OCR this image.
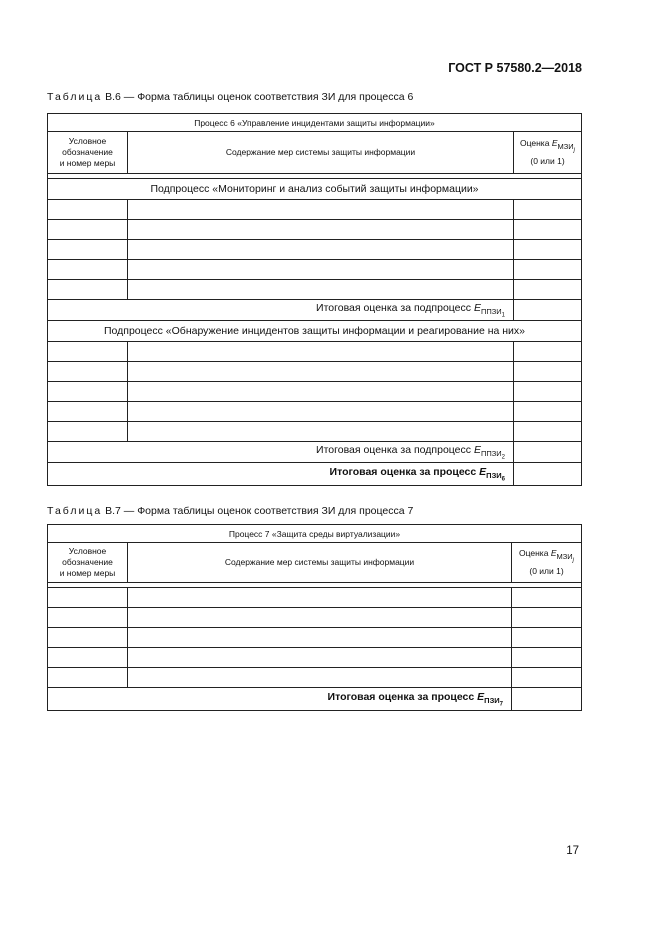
ГОСТ Р 57580.2—2018
Таблица В.6 — Форма таблицы оценок соответствия ЗИ для процесса 6
Процесс 6 «Управление инцидентами защиты информации»		
Условное
обозначение
и номер меры	Содержание мер системы защиты информации	Оценка $E_{МЗИ_j}$
(0 или 1)

Подпроцесс «Мониторинг и анализ событий защиты информации»		

Итоговая оценка за подпроцесс $E_{ППЗИ_1}$	
Подпроцесс «Обнаружение инцидентов защиты информации и реагирование на них»		

Итоговая оценка за подпроцесс $E_{ППЗИ_2}$	
Итоговая оценка за процесс $E_{ПЗИ_6}$	
Таблица В.7 — Форма таблицы оценок соответствия ЗИ для процесса 7
Процесс 7 «Защита среды виртуализации»		
Условное
обозначение
и номер меры	Содержание мер системы защиты информации	Оценка $E_{МЗИ_j}$
(0 или 1)

Итоговая оценка за процесс $E_{ПЗИ_7}$	
17
